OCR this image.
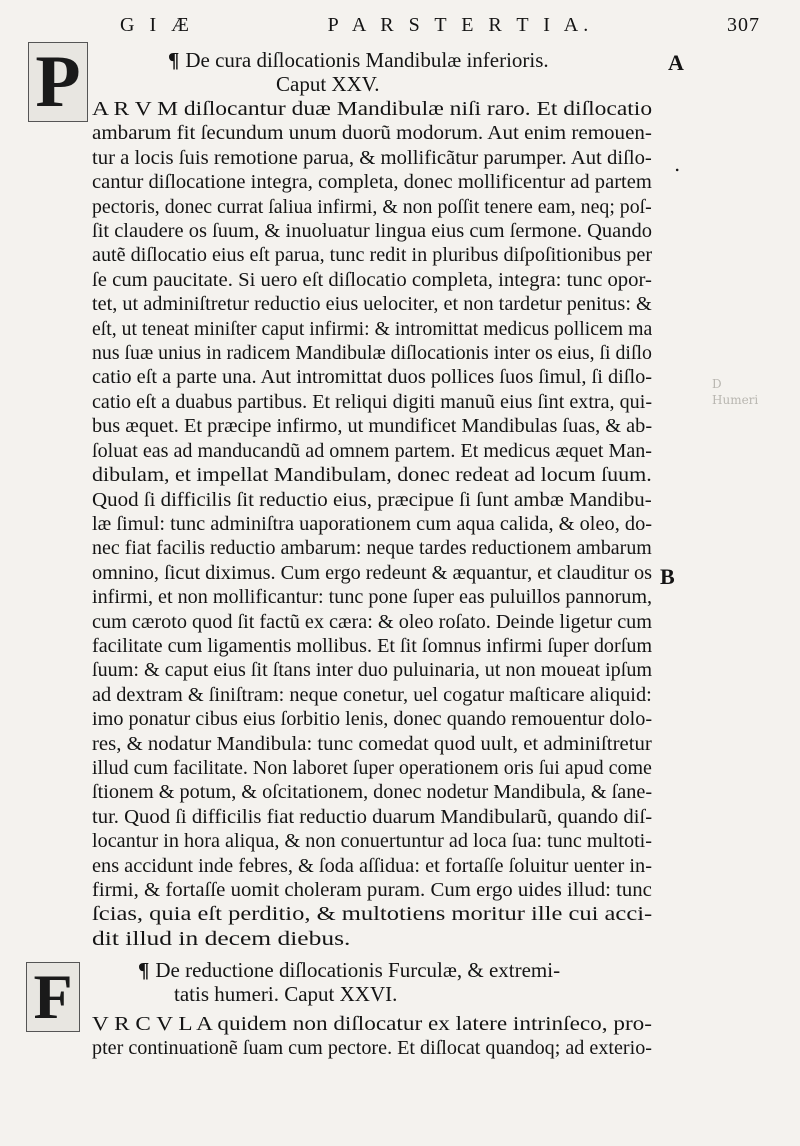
G I Æ	P A R S T E R T I A.	307
A
B
D
Humeri
P	¶ De cura diſlocationis Mandibulæ inferioris.
Caput XXV.
A R V M diſlocantur duæ Mandibulæ niſi raro. Et diſlocatio
ambarum fit ſecundum unum duorũ modorum. Aut enim remouen-
tur a locis ſuis remotione parua, & mollificãtur parumper. Aut diſlo-
cantur diſlocatione integra, completa, donec mollificentur ad partem
pectoris, donec currat ſaliua infirmi, & non poſſit tenere eam, neq; poſ-
ſit claudere os ſuum, & inuoluatur lingua eius cum ſermone. Quando
autẽ diſlocatio eius eſt parua, tunc redit in pluribus diſpoſitionibus per
ſe cum paucitate. Si uero eſt diſlocatio completa, integra: tunc opor-
tet, ut adminiſtretur reductio eius uelociter, et non tardetur penitus: &
eſt, ut teneat miniſter caput infirmi: & intromittat medicus pollicem ma
nus ſuæ unius in radicem Mandibulæ diſlocationis inter os eius, ſi diſlo
catio eſt a parte una. Aut intromittat duos pollices ſuos ſimul, ſi diſlo-
catio eſt a duabus partibus. Et reliqui digiti manuũ eius ſint extra, qui-
bus æquet. Et præcipe infirmo, ut mundificet Mandibulas ſuas, & ab-
ſoluat eas ad manducandũ ad omnem partem. Et medicus æquet Man-
dibulam, et impellat Mandibulam, donec redeat ad locum ſuum.
Quod ſi difficilis ſit reductio eius, præcipue ſi ſunt ambæ Mandibu-
læ ſimul: tunc adminiſtra uaporationem cum aqua calida, & oleo, do-
nec fiat facilis reductio ambarum: neque tardes reductionem ambarum
omnino, ſicut diximus. Cum ergo redeunt & æquantur, et clauditur os
infirmi, et non mollificantur: tunc pone ſuper eas puluillos pannorum,
cum cæroto quod ſit factũ ex cæra: & oleo roſato. Deinde ligetur cum
facilitate cum ligamentis mollibus. Et ſit ſomnus infirmi ſuper dorſum
ſuum: & caput eius ſit ſtans inter duo puluinaria, ut non moueat ipſum
ad dextram & ſiniſtram: neque conetur, uel cogatur maſticare aliquid:
imo ponatur cibus eius ſorbitio lenis, donec quando remouentur dolo-
res, & nodatur Mandibula: tunc comedat quod uult, et adminiſtretur
illud cum facilitate. Non laboret ſuper operationem oris ſui apud come
ſtionem & potum, & oſcitationem, donec nodetur Mandibula, & ſane-
tur. Quod ſi difficilis fiat reductio duarum Mandibularũ, quando diſ-
locantur in hora aliqua, & non conuertuntur ad loca ſua: tunc multoti-
ens accidunt inde febres, & ſoda aſſidua: et fortaſſe ſoluitur uenter in-
firmi, & fortaſſe uomit choleram puram. Cum ergo uides illud: tunc
ſcias, quia eſt perditio, & multotiens moritur ille cui acci-
dit illud in decem diebus.
.
F	¶ De reductione diſlocationis Furculæ, & extremi-
tatis humeri. Caput XXVI.
V R C V L A quidem non diſlocatur ex latere intrinſeco, pro-
pter continuationẽ ſuam cum pectore. Et diſlocat quandoq; ad exterio-
